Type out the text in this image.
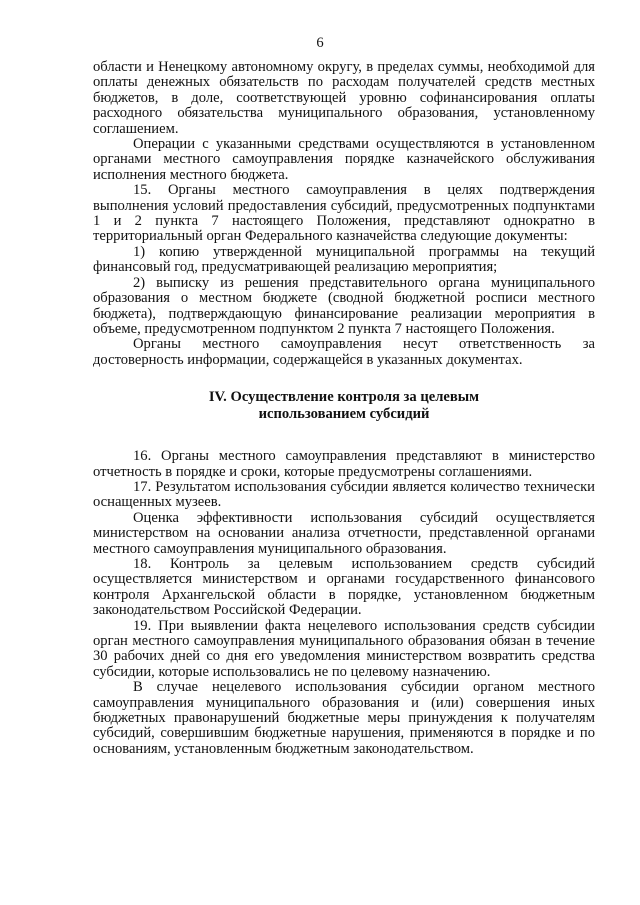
6

области и Ненецкому автономному округу, в пределах суммы, необходимой для оплаты денежных обязательств по расходам получателей средств местных бюджетов, в доле, соответствующей уровню софинансирования оплаты расходного обязательства муниципального образования, установленному соглашением.

Операции с указанными средствами осуществляются в установленном органами местного самоуправления порядке казначейского обслуживания исполнения местного бюджета.

15. Органы местного самоуправления в целях подтверждения выполнения условий предоставления субсидий, предусмотренных подпунктами 1 и 2 пункта 7 настоящего Положения, представляют однократно в территориальный орган Федерального казначейства следующие документы:

1) копию утвержденной муниципальной программы на текущий финансовый год, предусматривающей реализацию мероприятия;

2) выписку из решения представительного органа муниципального образования о местном бюджете (сводной бюджетной росписи местного бюджета), подтверждающую финансирование реализации мероприятия в объеме, предусмотренном подпунктом 2 пункта 7 настоящего Положения.

Органы местного самоуправления несут ответственность за достоверность информации, содержащейся в указанных документах.

IV. Осуществление контроля за целевым
использованием субсидий

16. Органы местного самоуправления представляют в министерство отчетность в порядке и сроки, которые предусмотрены соглашениями.

17. Результатом использования субсидии является количество технически оснащенных музеев.

Оценка эффективности использования субсидий осуществляется министерством на основании анализа отчетности, представленной органами местного самоуправления муниципального образования.

18. Контроль за целевым использованием средств субсидий осуществляется министерством и органами государственного финансового контроля Архангельской области в порядке, установленном бюджетным законодательством Российской Федерации.

19. При выявлении факта нецелевого использования средств субсидии орган местного самоуправления муниципального образования обязан в течение 30 рабочих дней со дня его уведомления министерством возвратить средства субсидии, которые использовались не по целевому назначению.

В случае нецелевого использования субсидии органом местного самоуправления муниципального образования и (или) совершения иных бюджетных правонарушений бюджетные меры принуждения к получателям субсидий, совершившим бюджетные нарушения, применяются в порядке и по основаниям, установленным бюджетным законодательством.
